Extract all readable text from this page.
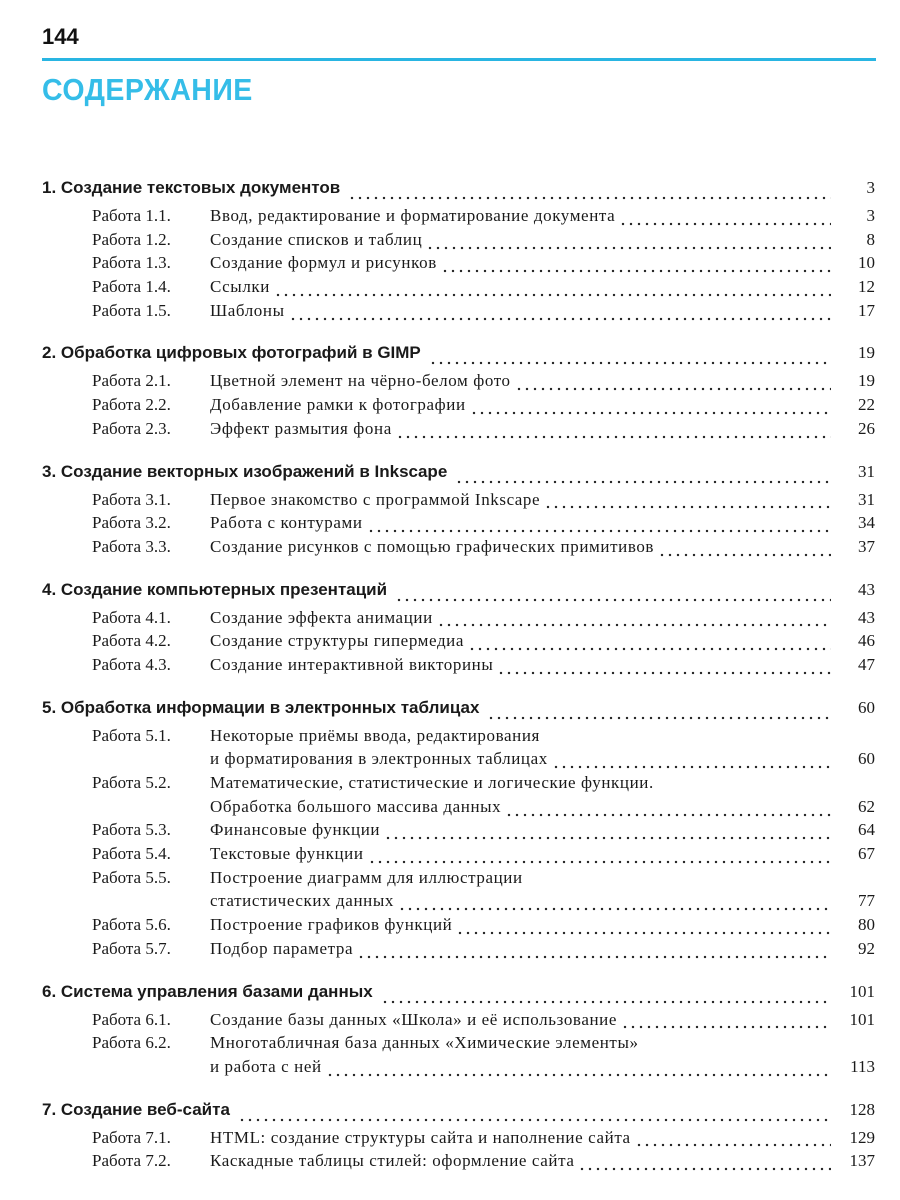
144
СОДЕРЖАНИЕ
1. Создание текстовых документов	3
Работа 1.1.	Ввод, редактирование и форматирование документа	3
Работа 1.2.	Создание списков и таблиц	8
Работа 1.3.	Создание формул и рисунков	10
Работа 1.4.	Ссылки	12
Работа 1.5.	Шаблоны	17
2. Обработка цифровых фотографий в GIMP	19
Работа 2.1.	Цветной элемент на чёрно-белом фото	19
Работа 2.2.	Добавление рамки к фотографии	22
Работа 2.3.	Эффект размытия фона	26
3. Создание векторных изображений в Inkscape	31
Работа 3.1.	Первое знакомство с программой Inkscape	31
Работа 3.2.	Работа с контурами	34
Работа 3.3.	Создание рисунков с помощью графических примитивов	37
4. Создание компьютерных презентаций	43
Работа 4.1.	Создание эффекта анимации	43
Работа 4.2.	Создание структуры гипермедиа	46
Работа 4.3.	Создание интерактивной викторины	47
5. Обработка информации в электронных таблицах	60
Работа 5.1.	Некоторые приёмы ввода, редактирования
и форматирования в электронных таблицах	60
Работа 5.2.	Математические, статистические и логические функции.
Обработка большого массива данных	62
Работа 5.3.	Финансовые функции	64
Работа 5.4.	Текстовые функции	67
Работа 5.5.	Построение диаграмм для иллюстрации
статистических данных	77
Работа 5.6.	Построение графиков функций	80
Работа 5.7.	Подбор параметра	92
6. Система управления базами данных	101
Работа 6.1.	Создание базы данных «Школа» и её использование	101
Работа 6.2.	Многотабличная база данных «Химические элементы»
и работа с ней	113
7. Создание веб-сайта	128
Работа 7.1.	HTML: создание структуры сайта и наполнение сайта	129
Работа 7.2.	Каскадные таблицы стилей: оформление сайта	137
